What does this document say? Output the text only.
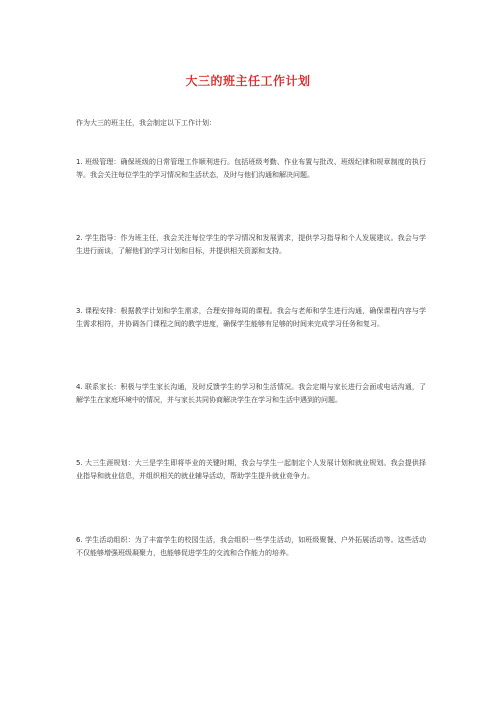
大三的班主任工作计划
作为大三的班主任，我会制定以下工作计划：
1. 班级管理：确保班级的日常管理工作顺利进行。包括班级考勤、作业布置与批改、班级纪律和规章制度的执行等。我会关注每位学生的学习情况和生活状态，及时与他们沟通和解决问题。
2. 学生指导：作为班主任，我会关注每位学生的学习情况和发展需求，提供学习指导和个人发展建议。我会与学生进行面谈，了解他们的学习计划和目标，并提供相关资源和支持。
3. 课程安排：根据教学计划和学生需求，合理安排每周的课程。我会与老师和学生进行沟通，确保课程内容与学生需求相符，并协调各门课程之间的教学进度，确保学生能够有足够的时间来完成学习任务和复习。
4. 联系家长：积极与学生家长沟通，及时反馈学生的学习和生活情况。我会定期与家长进行会面或电话沟通，了解学生在家庭环境中的情况，并与家长共同协商解决学生在学习和生活中遇到的问题。
5. 大三生涯规划：大三是学生即将毕业的关键时期，我会与学生一起制定个人发展计划和就业规划。我会提供择业指导和就业信息，并组织相关的就业辅导活动，帮助学生提升就业竞争力。
6. 学生活动组织：为了丰富学生的校园生活，我会组织一些学生活动，如班级聚餐、户外拓展活动等。这些活动不仅能够增强班级凝聚力，也能够促进学生的交流和合作能力的培养。
